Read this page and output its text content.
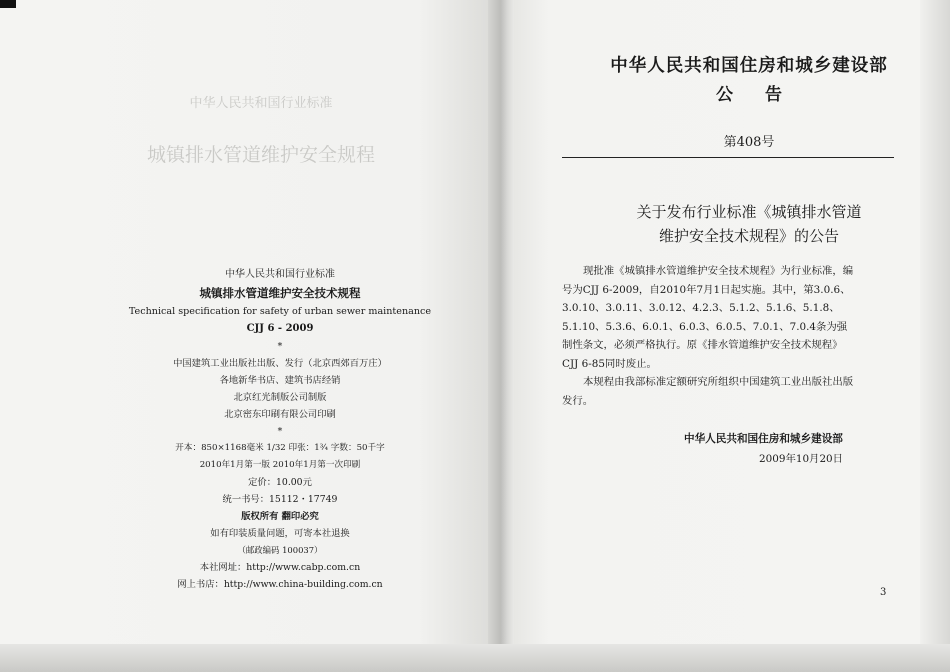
中华人民共和国行业标准
城镇排水管道维护安全规程
中华人民共和国行业标准
城镇排水管道维护安全技术规程
Technical specification for safety of urban sewer maintenance
CJJ 6 - 2009
*
中国建筑工业出版社出版、发行（北京西郊百万庄）
各地新华书店、建筑书店经销
北京红光制版公司制版
北京密东印刷有限公司印刷
*
开本：850×1168毫米 1/32 印张：1¾ 字数：50千字
2010年1月第一版 2010年1月第一次印刷
定价：10.00元
统一书号：15112・17749
版权所有 翻印必究
如有印装质量问题，可寄本社退换
（邮政编码 100037）
本社网址：http://www.cabp.com.cn
网上书店：http://www.china-building.com.cn
中华人民共和国住房和城乡建设部
公告
第408号
关于发布行业标准《城镇排水管道
维护安全技术规程》的公告
现批准《城镇排水管道维护安全技术规程》为行业标准，编
号为CJJ 6-2009，自2010年7月1日起实施。其中，第3.0.6、
3.0.10、3.0.11、3.0.12、4.2.3、5.1.2、5.1.6、5.1.8、
5.1.10、5.3.6、6.0.1、6.0.3、6.0.5、7.0.1、7.0.4条为强
制性条文，必须严格执行。原《排水管道维护安全技术规程》
CJJ 6-85同时废止。
本规程由我部标准定额研究所组织中国建筑工业出版社出版
发行。
中华人民共和国住房和城乡建设部
2009年10月20日
3
